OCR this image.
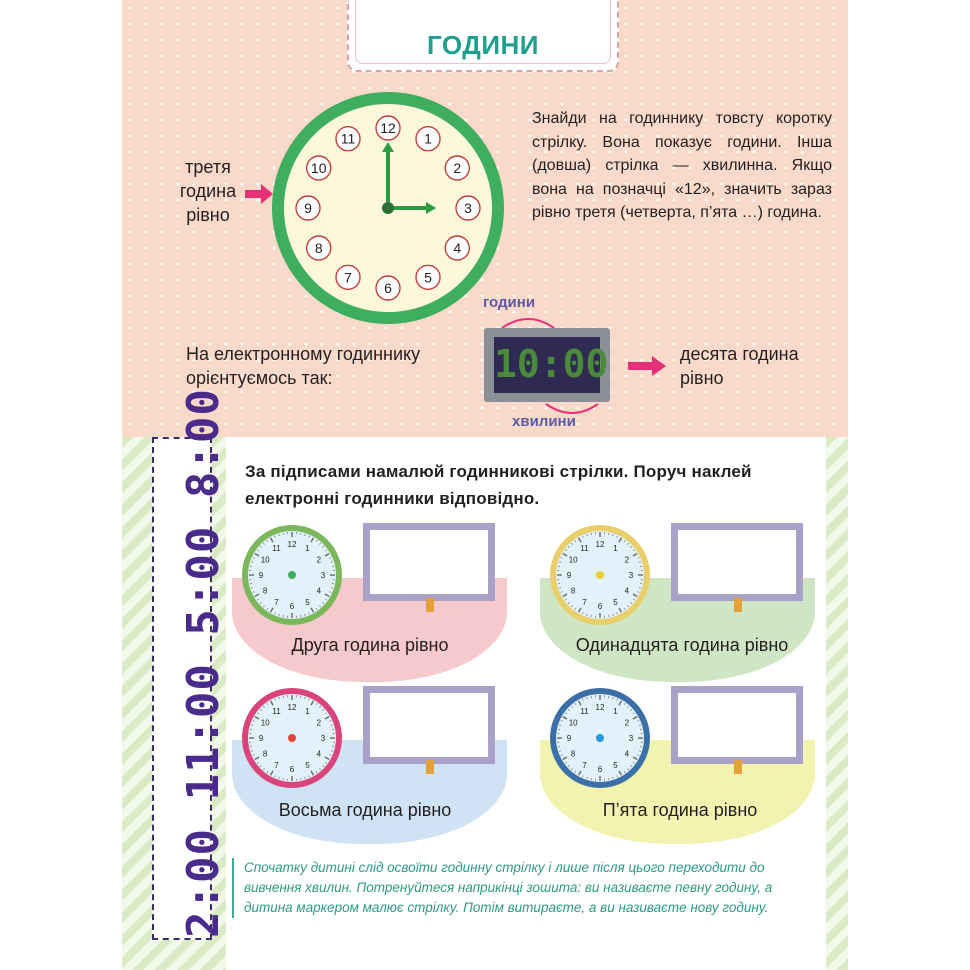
ГОДИНИ
третя година рівно
12
1
2
3
4
5
6
7
8
9
10
11
Знайди на годиннику товсту коротку стрілку. Вона показує години. Інша (довша) стрілка — хвилинна. Якщо вона на позначці «12», значить зараз рівно третя (четверта, п’ята …) година.
На електронному годиннику орієнтуємось так:
години
10:00
хвилини
десята година рівно
2:00 11:00 5:00 8:00 За підписами намалюй годинникові стрілки. Поруч наклей електронні годинники відповідно.
12 1
2
3
4
5
6
7
8
9
10
11
Друга година рівно
12 1
2
3
4
5
6
7
8
9
10
11
Одинадцята година рівно
12 1
2
3
4
5
6
7
8
9
10
11
Восьма година рівно
12 1
2
3
4
5
6
7
8
9
10
11
П’ята година рівно
Спочатку дитині слід освоїти годинну стрілку і лише після цього переходити до вивчення хвилин. Потренуйтеся наприкінці зошита: ви називаєте певну годину, а дитина маркером малює стрілку. Потім витираєте, а ви називаєте нову годину.
